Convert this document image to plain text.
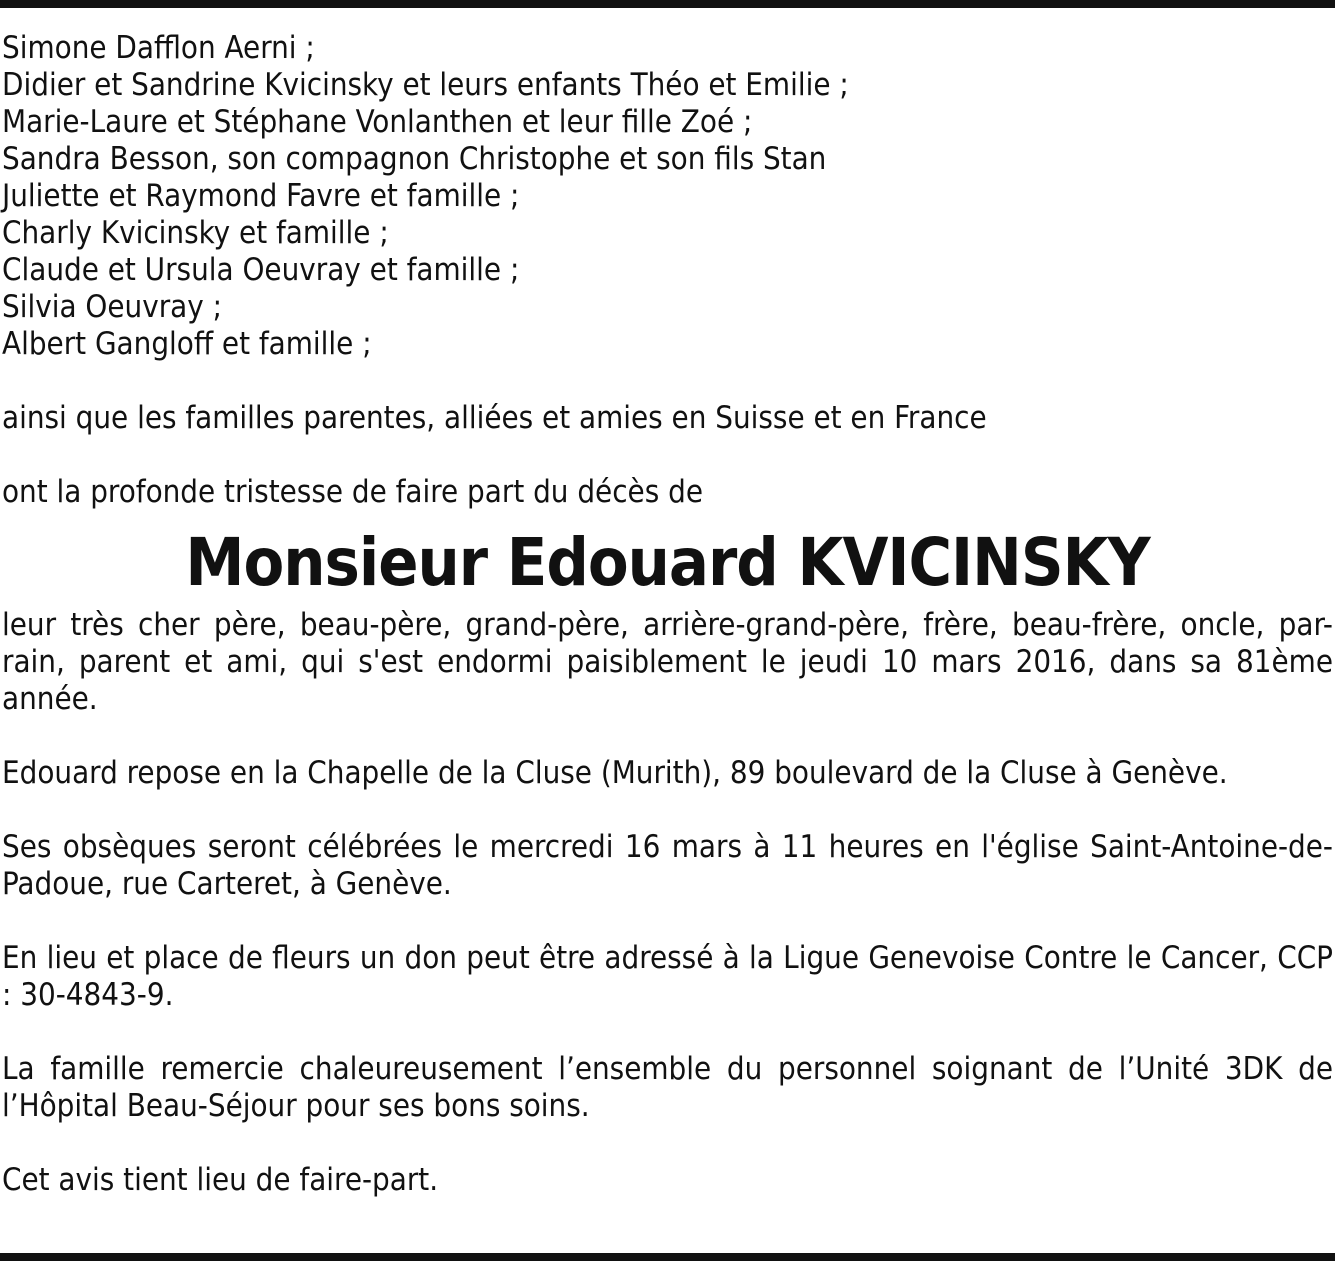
Simone Dafflon Aerni ;
Didier et Sandrine Kvicinsky et leurs enfants Théo et Emilie ;
Marie-Laure et Stéphane Vonlanthen et leur fille Zoé ;
Sandra Besson, son compagnon Christophe et son fils Stan
Juliette et Raymond Favre et famille ;
Charly Kvicinsky et famille ;
Claude et Ursula Oeuvray et famille ;
Silvia Oeuvray ;
Albert Gangloff et famille ;

ainsi que les familles parentes, alliées et amies en Suisse et en France

ont la profonde tristesse de faire part du décès de

Monsieur Edouard KVICINSKY

leur très cher père, beau-père, grand-père, arrière-grand-père, frère, beau-frère, oncle, par-rain, parent et ami, qui s'est endormi paisiblement le jeudi 10 mars 2016, dans sa 81ème année.

Edouard repose en la Chapelle de la Cluse (Murith), 89 boulevard de la Cluse à Genève.

Ses obsèques seront célébrées le mercredi 16 mars à 11 heures en l'église Saint-Antoine-de-Padoue, rue Carteret, à Genève.

En lieu et place de fleurs un don peut être adressé à la Ligue Genevoise Contre le Cancer, CCP : 30-4843-9.

La famille remercie chaleureusement l’ensemble du personnel soignant de l’Unité 3DK de l’Hôpital Beau-Séjour pour ses bons soins.

Cet avis tient lieu de faire-part.
